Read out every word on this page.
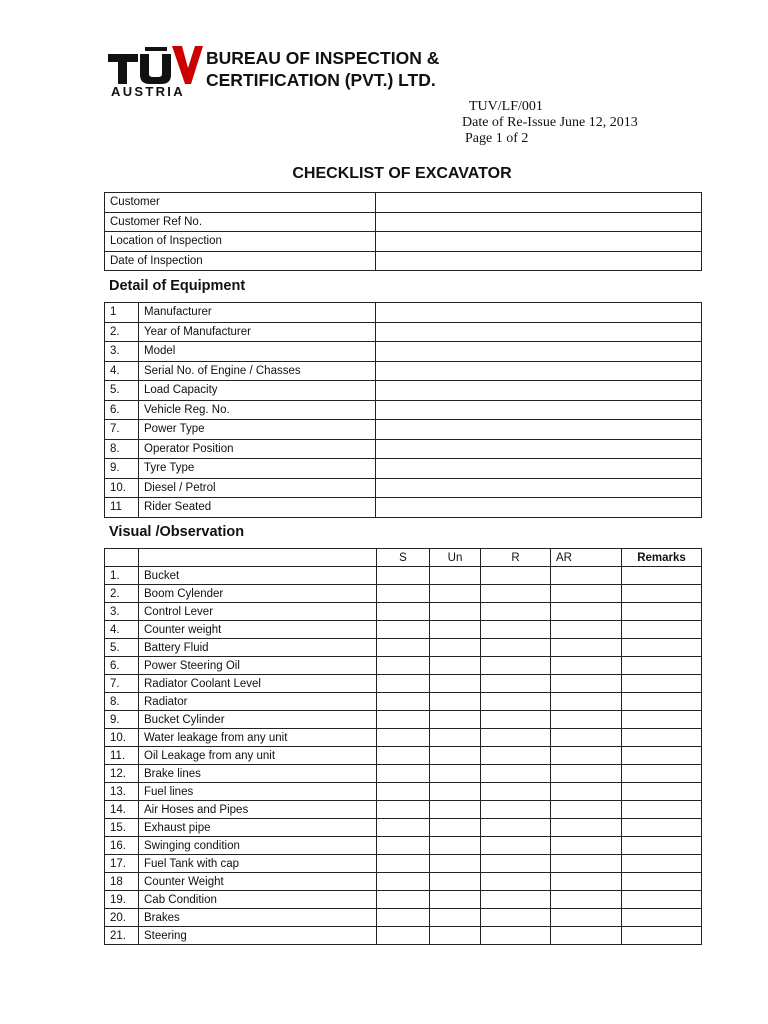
AUSTRIA
BUREAU OF INSPECTION &
CERTIFICATION (PVT.) LTD.
TUV/LF/001
Date of Re-Issue June 12, 2013
Page 1 of 2
CHECKLIST OF EXCAVATOR
Customer	
Customer Ref No.	
Location of Inspection	
Date of Inspection	
Detail of Equipment
1	Manufacturer	
2.	Year of Manufacturer	
3.	Model	
4.	Serial No. of Engine / Chasses	
5.	Load Capacity	
6.	Vehicle Reg. No.	
7.	Power Type	
8.	Operator Position	
9.	Tyre Type	
10.	Diesel / Petrol	
11	Rider Seated	
Visual /Observation
		S	Un	R	AR	Remarks
1.	Bucket					
2.	Boom Cylender					
3.	Control Lever					
4.	Counter weight					
5.	Battery Fluid					
6.	Power Steering Oil					
7.	Radiator Coolant Level					
8.	Radiator					
9.	Bucket Cylinder					
10.	Water leakage from any unit					
11.	Oil Leakage from any unit					
12.	Brake lines					
13.	Fuel lines					
14.	Air Hoses and Pipes					
15.	Exhaust pipe					
16.	Swinging condition					
17.	Fuel Tank with cap					
18	Counter Weight					
19.	Cab Condition					
20.	Brakes					
21.	Steering					
